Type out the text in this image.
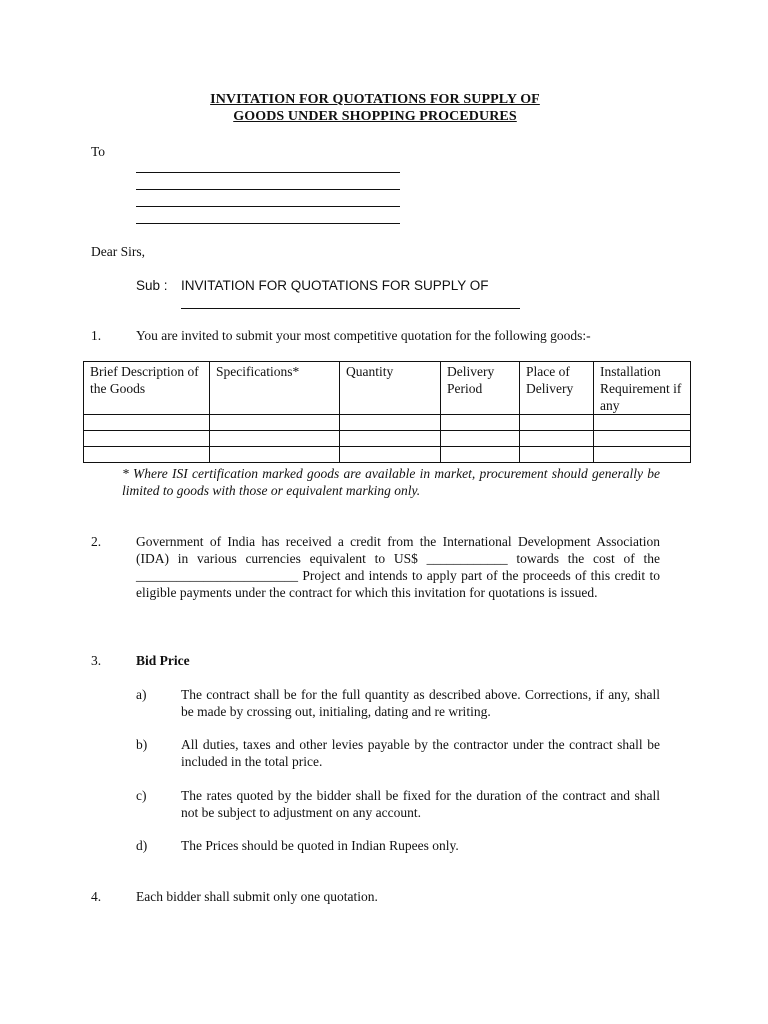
INVITATION FOR QUOTATIONS FOR SUPPLY OF
GOODS UNDER SHOPPING PROCEDURES
To
Dear Sirs,
Sub : INVITATION FOR QUOTATIONS FOR SUPPLY OF
1.	You are invited to submit your most competitive quotation for the following goods:-
Brief Description of the Goods	Specifications*	Quantity	Delivery Period	Place of Delivery	Installation Requirement if any

* Where ISI certification marked goods are available in market, procurement should generally be limited to goods with those or equivalent marking only.
2.	Government of India has received a credit from the International Development Association (IDA) in various currencies equivalent to US$ ____________ towards the cost of the ________________________ Project and intends to apply part of the proceeds of this credit to eligible payments under the contract for which this invitation for quotations is issued.
3.	Bid Price
a)	The contract shall be for the full quantity as described above. Corrections, if any, shall be made by crossing out, initialing, dating and re writing.
b)	All duties, taxes and other levies payable by the contractor under the contract shall be included in the total price.
c)	The rates quoted by the bidder shall be fixed for the duration of the contract and shall not be subject to adjustment on any account.
d)	The Prices should be quoted in Indian Rupees only.
4.	Each bidder shall submit only one quotation.
